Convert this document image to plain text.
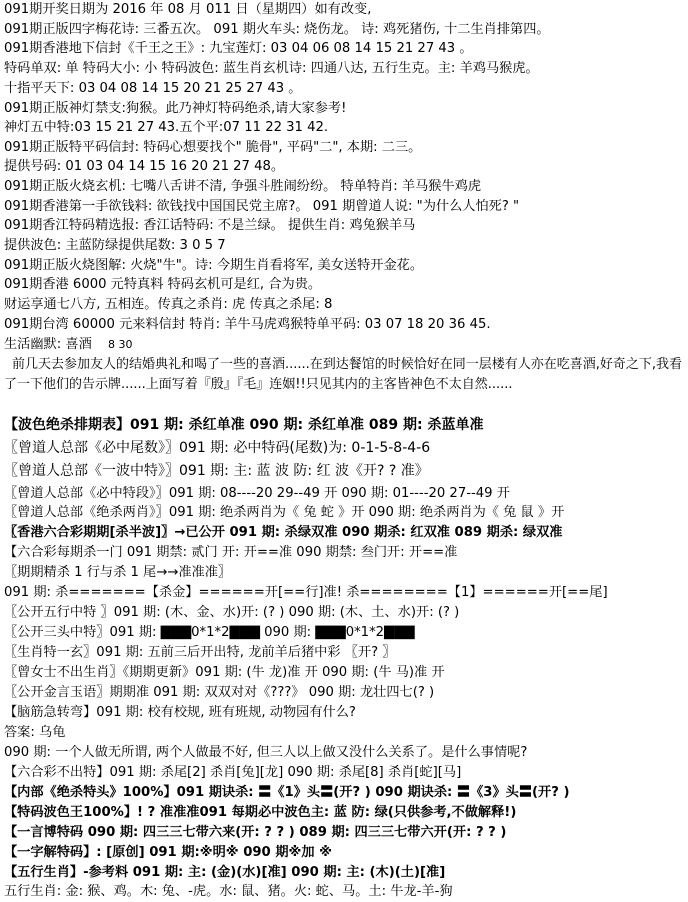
091期开奖日期为 2016 年 08 月 011 日（星期四）如有改变,
091期正版四字梅花诗: 三番五次。 091 期火车头: 烧伤龙。 诗: 鸡死猪伤, 十二生肖排第四。
091期香港地下信封《千王之王》: 九宝莲灯: 03 04 06 08 14 15 21 27 43 。
特码单双: 单 特码大小: 小 特码波色: 蓝生肖玄机诗: 四通八达, 五行生克。主: 羊鸡马猴虎。
十指平天下: 03 04 08 14 15 20 21 25 27 43 。
091期正版神灯禁支:狗猴。此乃神灯特码绝杀,请大家参考!
神灯五中特:03 15 21 27 43.五个平:07 11 22 31 42.
091期正版特平码信封: 特码心想要找个" 脆骨", 平码"二", 本期: 二三。
提供号码: 01 03 04 14 15 16 20 21 27 48。
091期正版火烧玄机: 七嘴八舌讲不清, 争强斗胜闹纷纷。 特单特肖: 羊马猴牛鸡虎
091期香港第一手欲钱料: 欲钱找中国国民党主席?。 091 期曾道人说: "为什么人怕死? "
091期香江特码精选报: 香江话特码: 不是兰绿。 提供生肖: 鸡兔猴羊马
提供波色: 主蓝防绿提供尾数: 3 0 5 7
091期正版火烧图解: 火烧"牛"。诗: 今期生肖看将军, 美女送特开金花。
091期香港 6000 元特真料 特码玄机可是红, 合为贵。
财运享通七八方, 五相连。传真之杀肖: 虎 传真之杀尾: 8
091期台湾 60000 元来料信封 特肖: 羊牛马虎鸡猴特单平码: 03 07 18 20 36 45.
生活幽默: 喜酒 8 30
前几天去参加友人的结婚典礼和喝了一些的喜酒......在到达餐馆的时候恰好在同一层楼有人亦在吃喜酒,好奇之下,我看了一下他们的告示牌......上面写着『殷』『毛』连姻!!只见其内的主客皆神色不太自然......
【波色绝杀排期表】091 期: 杀红单准 090 期: 杀红单准 089 期: 杀蓝单准
〖曾道人总部《必中尾数》〗091 期: 必中特码(尾数)为: 0-1-5-8-4-6
〖曾道人总部《一波中特》〗091 期: 主: 蓝 波 防: 红 波《开? ? 准》
〖曾道人总部《必中特段》〗091 期: 08----20 29--49 开 090 期: 01----20 27--49 开
〖曾道人总部《绝杀两肖》〗091 期: 绝杀两肖为《 兔 蛇 》开 090 期: 绝杀两肖为《 兔 鼠 》开
〖香港六合彩期期[杀半波]〗→已公开 091 期: 杀绿双准 090 期杀: 红双准 089 期杀: 绿双准
【六合彩每期杀一门 091 期禁: 贰门 开: 开==准 090 期禁: 叁门开: 开==准
〖期期精杀 1 行与杀 1 尾→→准准准〗
091 期: 杀=======【杀金】======开[==行]准! 杀========【1】======开[==尾]
〖公开五行中特 〗091 期: (木、金、水)开: (? ) 090 期: (木、土、水)开: (? )
〖公开三头中特〗091 期: ▇▇▇0*1*2▇▇▇ 090 期: ▇▇▇0*1*2▇▇▇
〖生肖特一玄〗091 期: 五前三后开出特, 龙前羊后猪中彩 〖开? 〗
〖曾女士不出生肖〗《期期更新》091 期: (牛 龙)准 开 090 期: (牛 马)准 开
〖公开金言玉语〗期期准 091 期: 双双对对《???》 090 期: 龙壮四七(? )
【脑筋急转弯】091 期: 校有校规, 班有班规, 动物园有什么?
答案: 乌龟
090 期: 一个人做无所谓, 两个人做最不好, 但三人以上做又没什么关系了。是什么事情呢?
【六合彩不出特】091 期: 杀尾[2] 杀肖[兔][龙] 090 期: 杀尾[8] 杀肖[蛇][马]
【内部《绝杀特头》100%】091 期诀杀: 〓《1》头〓(开? ) 090 期诀杀: 〓《3》头〓(开? )
【特码波色王100%】! ? 准准准091 每期必中波色主: 蓝 防: 绿(只供参考,不做解释!)
【一言博特码 090 期: 四三三七带六来(开: ? ? ) 089 期: 四三三七带六开(开: ? ? )
【一字解特码】: [原创] 091 期:※明※ 090 期※加 ※
【五行生肖】-参考料 091 期: 主: (金)(水)[准] 090 期: 主: (木)(土)[准]
五行生肖: 金: 猴、鸡。木: 兔、-虎。水: 鼠、猪。火: 蛇、马。土: 牛龙-羊-狗
